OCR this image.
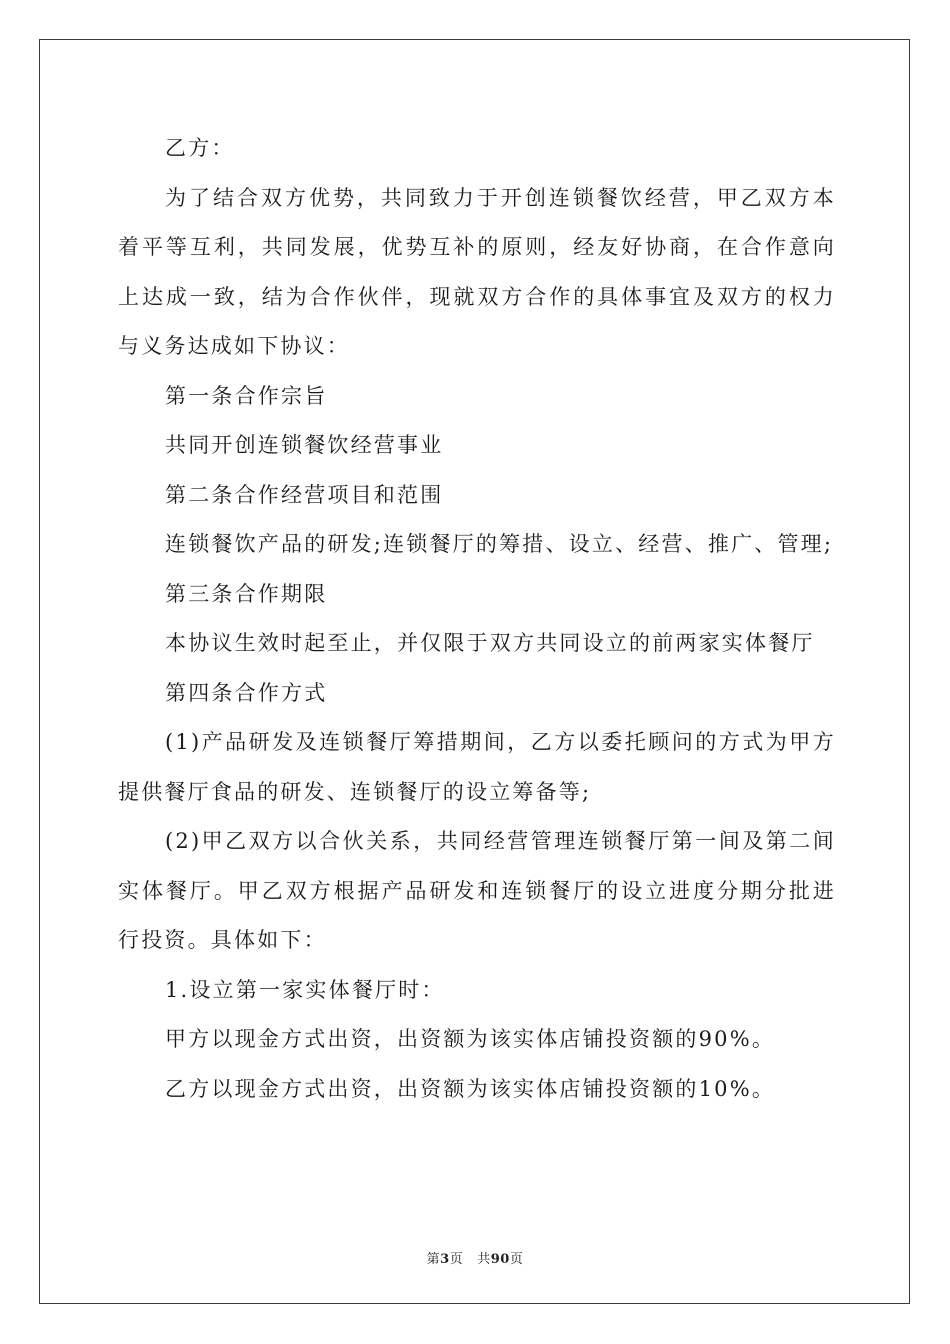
乙方：

为了结合双方优势，共同致力于开创连锁餐饮经营，甲乙双方本着平等互利，共同发展，优势互补的原则，经友好协商，在合作意向上达成一致，结为合作伙伴，现就双方合作的具体事宜及双方的权力与义务达成如下协议：

第一条合作宗旨

共同开创连锁餐饮经营事业

第二条合作经营项目和范围

连锁餐饮产品的研发;连锁餐厅的筹措、设立、经营、推广、管理;

第三条合作期限

本协议生效时起至止，并仅限于双方共同设立的前两家实体餐厅

第四条合作方式

(1)产品研发及连锁餐厅筹措期间，乙方以委托顾问的方式为甲方提供餐厅食品的研发、连锁餐厅的设立筹备等;

(2)甲乙双方以合伙关系，共同经营管理连锁餐厅第一间及第二间实体餐厅。甲乙双方根据产品研发和连锁餐厅的设立进度分期分批进行投资。具体如下：

1.设立第一家实体餐厅时：

甲方以现金方式出资，出资额为该实体店铺投资额的90%。

乙方以现金方式出资，出资额为该实体店铺投资额的10%。

第3页 共90页
